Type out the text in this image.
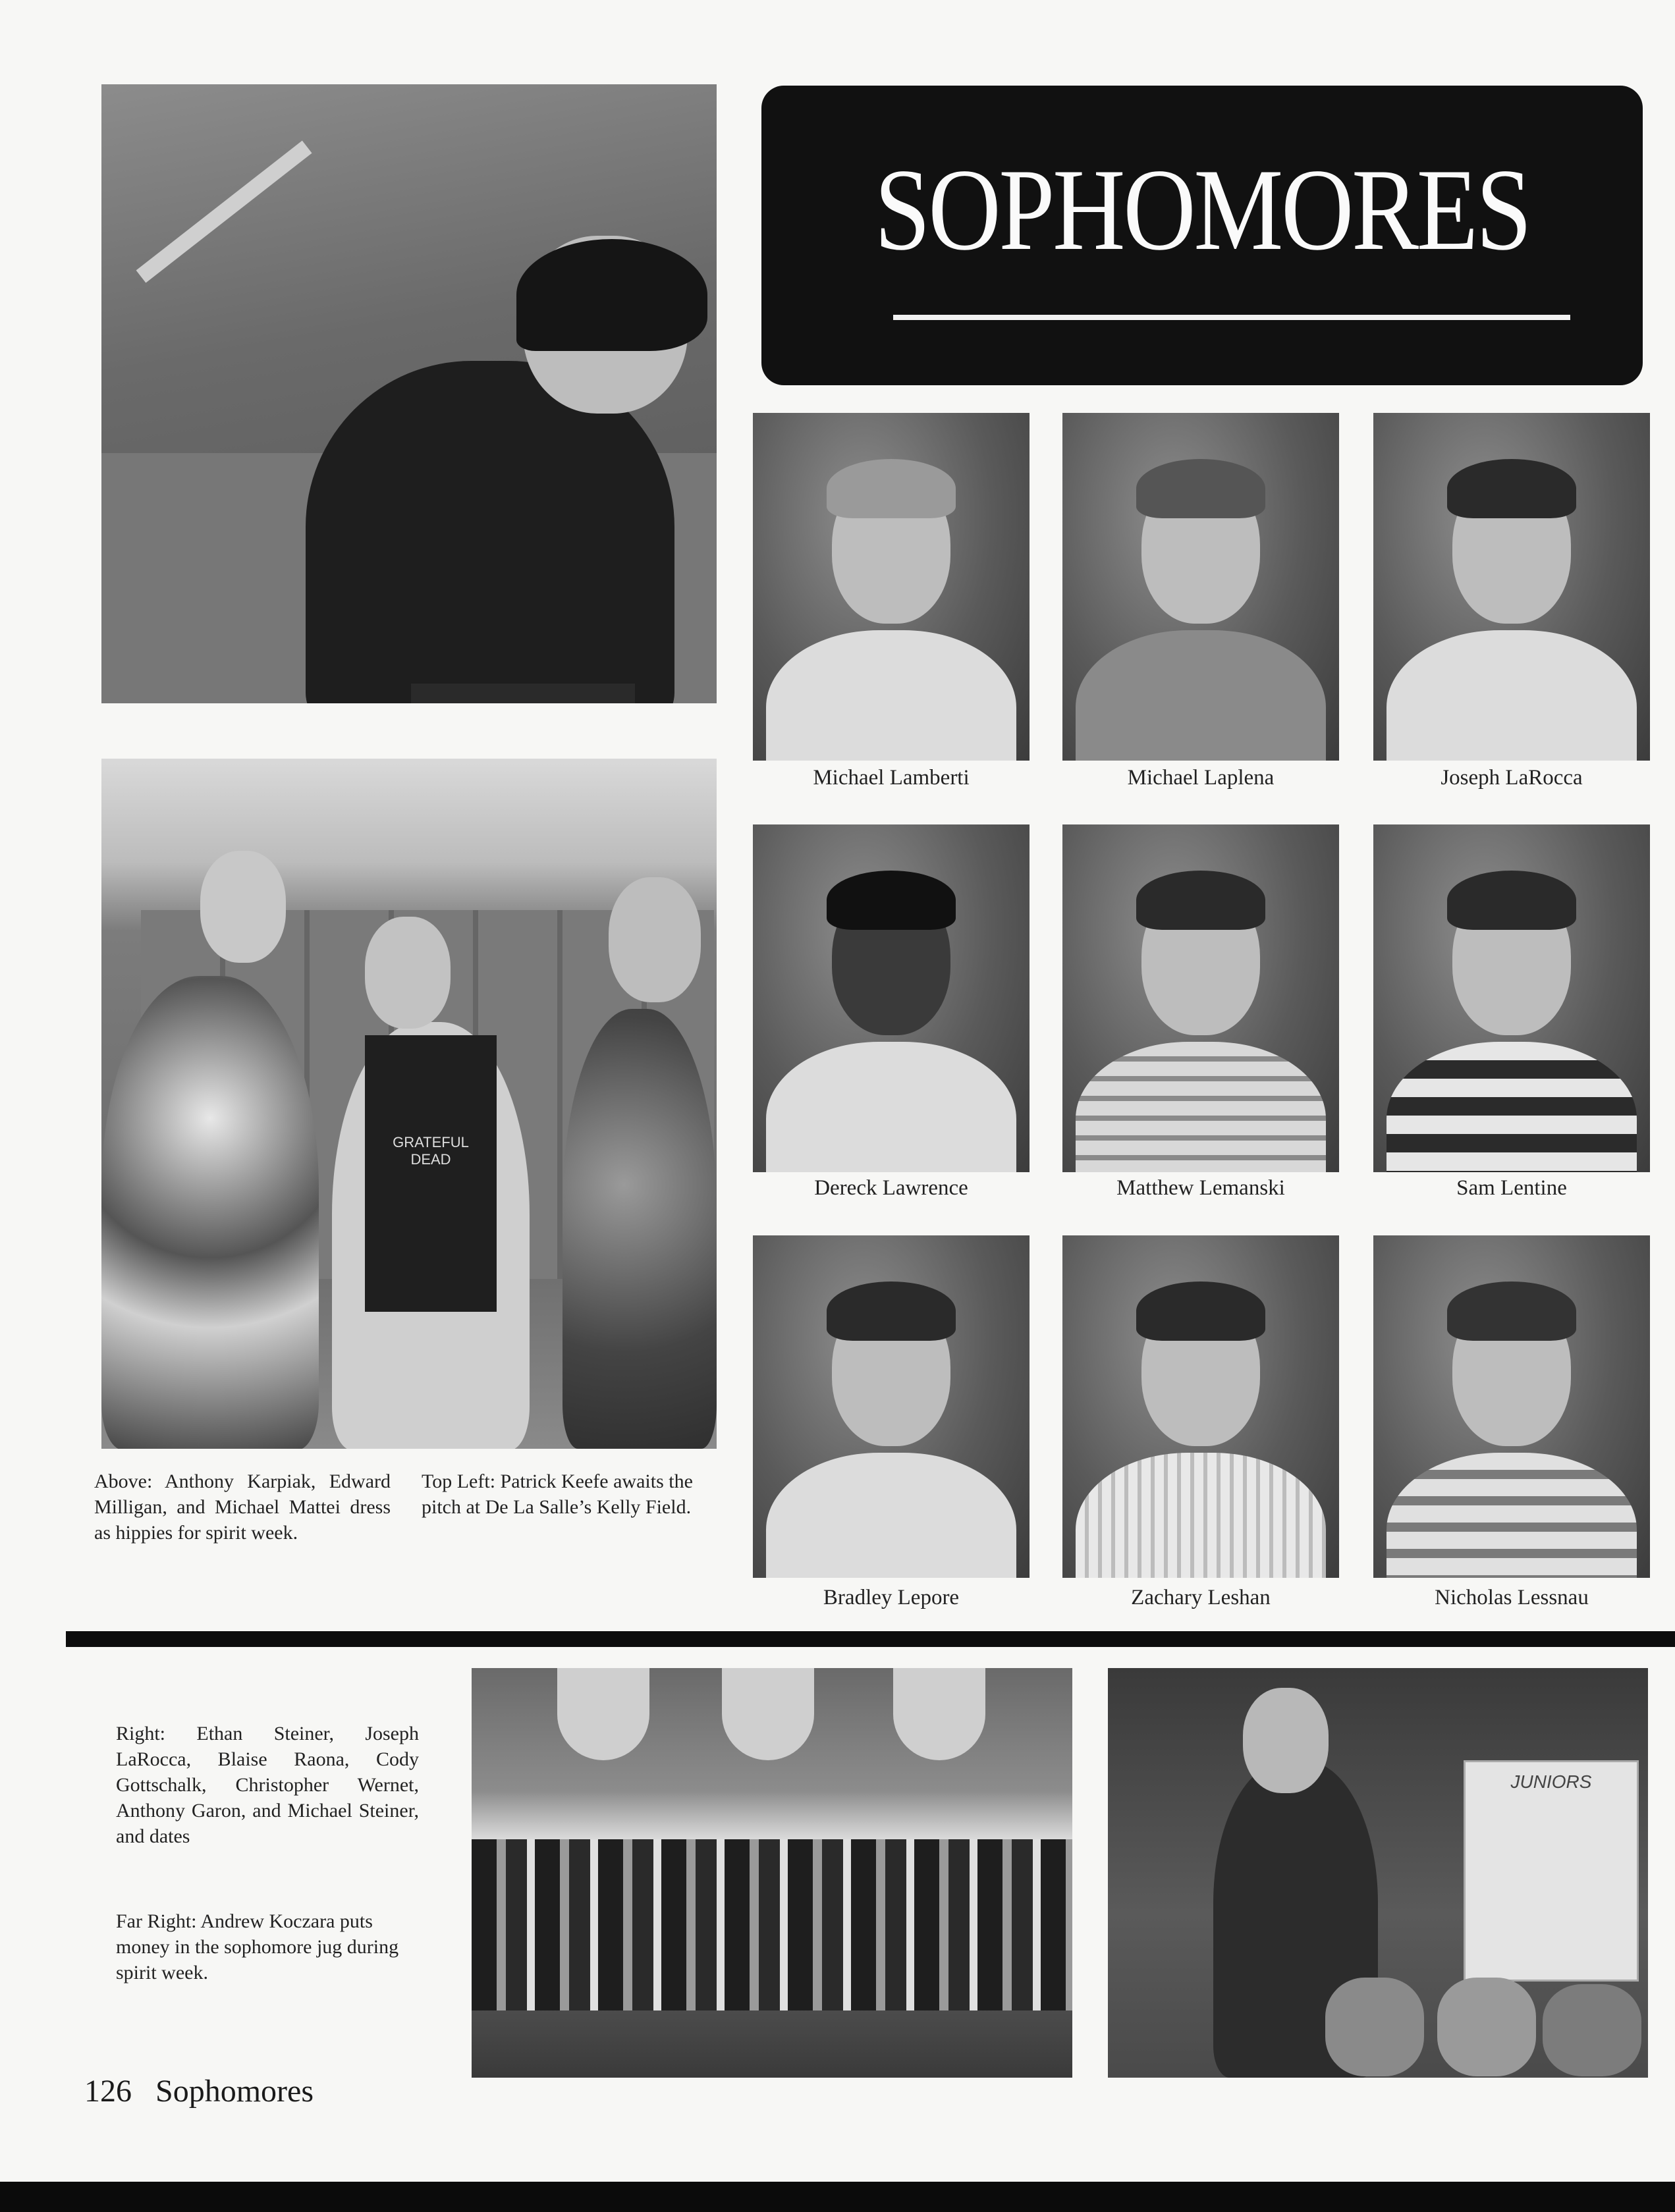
SOPHOMORES
GRATEFUL DEAD
Michael Lamberti	Michael Laplena	Joseph LaRocca
Dereck Lawrence	Matthew Lemanski	Sam Lentine
Bradley Lepore	Zachary Leshan	Nicholas Lessnau
Above: Anthony Karpiak, Edward Milligan, and Michael Mattei dress as hippies for spirit week.
Top Left: Patrick Keefe awaits the pitch at De La Salle’s Kelly Field.
Right: Ethan Steiner, Joseph LaRocca, Blaise Raona, Cody Gottschalk, Christopher Wernet, Anthony Garon, and Michael Steiner, and dates
Far Right: Andrew Koczara puts money in the sophomore jug during spirit week.
JUNIORS
126 Sophomores
